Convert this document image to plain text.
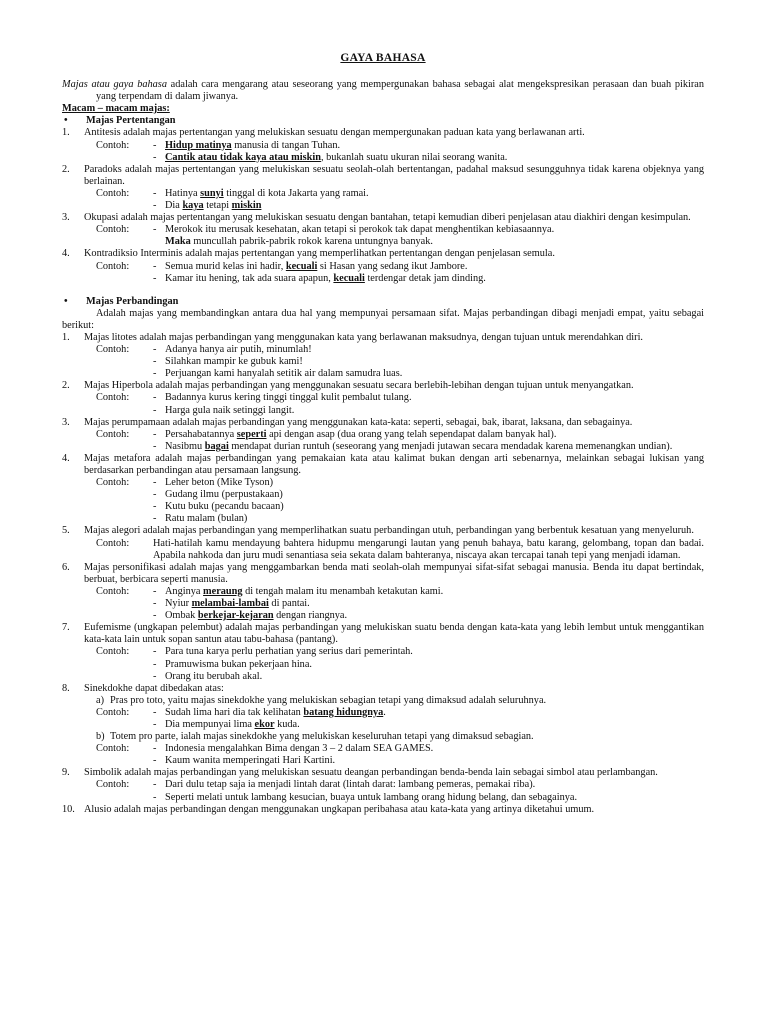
GAYA BAHASA
Majas atau gaya bahasa adalah cara mengarang atau seseorang yang mempergunakan bahasa sebagai alat mengekspresikan perasaan dan buah pikiran yang terpendam di dalam jiwanya.
Macam – macam majas:
•	Majas Pertentangan
1.	Antitesis adalah majas pertentangan yang melukiskan sesuatu dengan mempergunakan paduan kata yang berlawanan arti.
Contoh:	- Hidup matinya manusia di tangan Tuhan.
- Cantik atau tidak kaya atau miskin, bukanlah suatu ukuran nilai seorang wanita.
2.	Paradoks adalah majas pertentangan yang melukiskan sesuatu seolah-olah bertentangan, padahal maksud sesungguhnya tidak karena objeknya yang berlainan.
Contoh:	- Hatinya sunyi tinggal di kota Jakarta yang ramai.
- Dia kaya tetapi miskin
3.	Okupasi adalah majas pertentangan yang melukiskan sesuatu dengan bantahan, tetapi kemudian diberi penjelasan atau diakhiri dengan kesimpulan.
Contoh:	- Merokok itu merusak kesehatan, akan tetapi si perokok tak dapat menghentikan kebiasaannya.
Maka muncullah pabrik-pabrik rokok karena untungnya banyak.
4.	Kontradiksio Interminis adalah majas pertentangan yang memperlihatkan pertentangan dengan penjelasan semula.
Contoh:	- Semua murid kelas ini hadir, kecuali si Hasan yang sedang ikut Jambore.
- Kamar itu hening, tak ada suara apapun, kecuali terdengar detak jam dinding.
•	Majas Perbandingan
Adalah majas yang membandingkan antara dua hal yang mempunyai persamaan sifat. Majas perbandingan dibagi menjadi empat, yaitu sebagai berikut:
1.	Majas litotes adalah majas perbandingan yang menggunakan kata yang berlawanan maksudnya, dengan tujuan untuk merendahkan diri.
Contoh:	- Adanya hanya air putih, minumlah!
- Silahkan mampir ke gubuk kami!
- Perjuangan kami hanyalah setitik air dalam samudra luas.
2.	Majas Hiperbola adalah majas perbandingan yang menggunakan sesuatu secara berlebih-lebihan dengan tujuan untuk menyangatkan.
Contoh:	- Badannya kurus kering tinggi tinggal kulit pembalut tulang.
- Harga gula naik setinggi langit.
3.	Majas perumpamaan adalah majas perbandingan yang menggunakan kata-kata: seperti, sebagai, bak, ibarat, laksana, dan sebagainya.
Contoh:	- Persahabatannya seperti api dengan asap (dua orang yang telah sependapat dalam banyak hal).
- Nasibmu bagai mendapat durian runtuh (seseorang yang menjadi jutawan secara mendadak karena memenangkan undian).
4.	Majas metafora adalah majas perbandingan yang pemakaian kata atau kalimat bukan dengan arti sebenarnya, melainkan sebagai lukisan yang berdasarkan perbandingan atau persamaan langsung.
Contoh:	- Leher beton (Mike Tyson)
- Gudang ilmu (perpustakaan)
- Kutu buku (pecandu bacaan)
- Ratu malam (bulan)
5.	Majas alegori adalah majas perbandingan yang memperlihatkan suatu perbandingan utuh, perbandingan yang berbentuk kesatuan yang menyeluruh.
Contoh:	Hati-hatilah kamu mendayung bahtera hidupmu mengarungi lautan yang penuh bahaya, batu karang, gelombang, topan dan badai. Apabila nahkoda dan juru mudi senantiasa seia sekata dalam bahteranya, niscaya akan tercapai tanah tepi yang menjadi idaman.
6.	Majas personifikasi adalah majas yang menggambarkan benda mati seolah-olah mempunyai sifat-sifat sebagai manusia. Benda itu dapat bertindak, berbuat, berbicara seperti manusia.
Contoh:	- Anginya meraung di tengah malam itu menambah ketakutan kami.
- Nyiur melambai-lambai di pantai.
- Ombak berkejar-kejaran dengan riangnya.
7.	Eufemisme (ungkapan pelembut) adalah majas perbandingan yang melukiskan suatu benda dengan kata-kata yang lebih lembut untuk menggantikan kata-kata lain untuk sopan santun atau tabu-bahasa (pantang).
Contoh:	- Para tuna karya perlu perhatian yang serius dari pemerintah.
- Pramuwisma bukan pekerjaan hina.
- Orang itu berubah akal.
8.	Sinekdokhe dapat dibedakan atas:
a) Pras pro toto, yaitu majas sinekdokhe yang melukiskan sebagian tetapi yang dimaksud adalah seluruhnya.
Contoh:	- Sudah lima hari dia tak kelihatan batang hidungnya.
- Dia mempunyai lima ekor kuda.
b) Totem pro parte, ialah majas sinekdokhe yang melukiskan keseluruhan tetapi yang dimaksud sebagian.
Contoh:	- Indonesia mengalahkan Bima dengan 3 – 2 dalam SEA GAMES.
- Kaum wanita memperingati Hari Kartini.
9.	Simbolik adalah majas perbandingan yang melukiskan sesuatu deangan perbandingan benda-benda lain sebagai simbol atau perlambangan.
Contoh:	- Dari dulu tetap saja ia menjadi lintah darat (lintah darat: lambang pemeras, pemakai riba).
- Seperti melati untuk lambang kesucian, buaya untuk lambang orang hidung belang, dan sebagainya.
10. Alusio adalah majas perbandingan dengan menggunakan ungkapan peribahasa atau kata-kata yang artinya diketahui umum.
